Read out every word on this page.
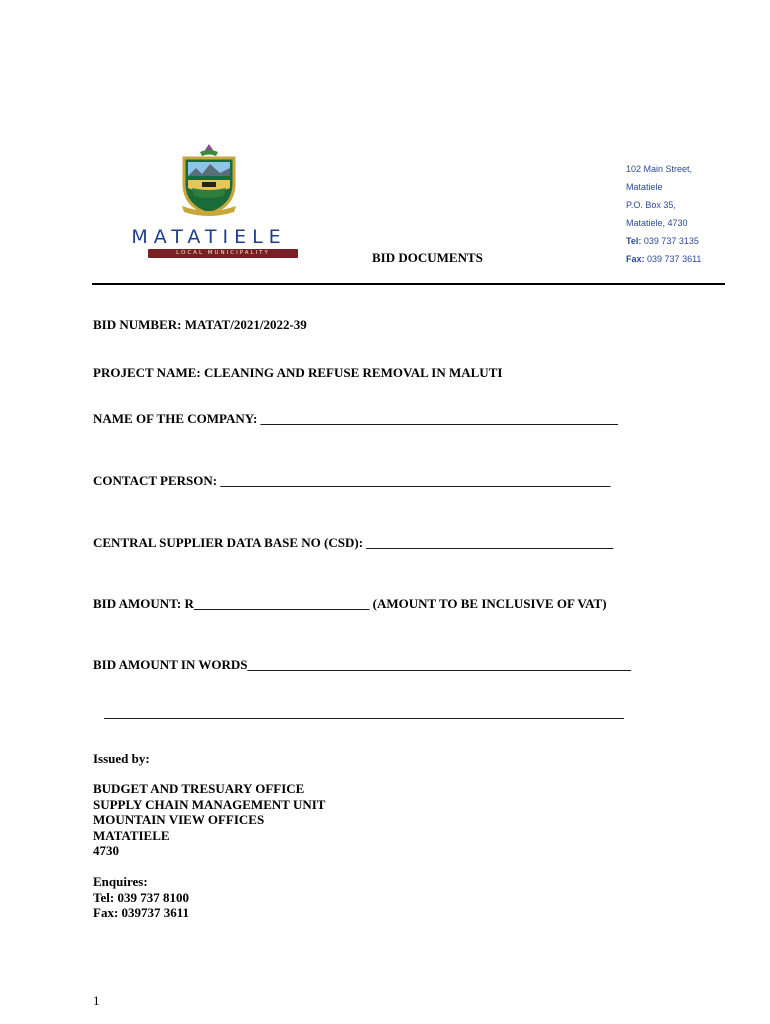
MATATIELE
LOCAL MUNICIPALITY
102 Main Street,
Matatiele
P.O. Box 35,
Matatiele, 4730
Tel: 039 737 3135
Fax: 039 737 3611
BID DOCUMENTS
BID NUMBER: MATAT/2021/2022-39
PROJECT NAME: CLEANING AND REFUSE REMOVAL IN MALUTI
NAME OF THE COMPANY: _______________________________________________________
CONTACT PERSON: ____________________________________________________________
CENTRAL SUPPLIER DATA BASE NO (CSD): ______________________________________
BID AMOUNT: R___________________________ (AMOUNT TO BE INCLUSIVE OF VAT)
BID AMOUNT IN WORDS___________________________________________________________
________________________________________________________________________________
Issued by:
BUDGET AND TRESUARY OFFICE
SUPPLY CHAIN MANAGEMENT UNIT
MOUNTAIN VIEW OFFICES
MATATIELE
4730
Enquires:
Tel: 039 737 8100
Fax: 039737 3611
1
